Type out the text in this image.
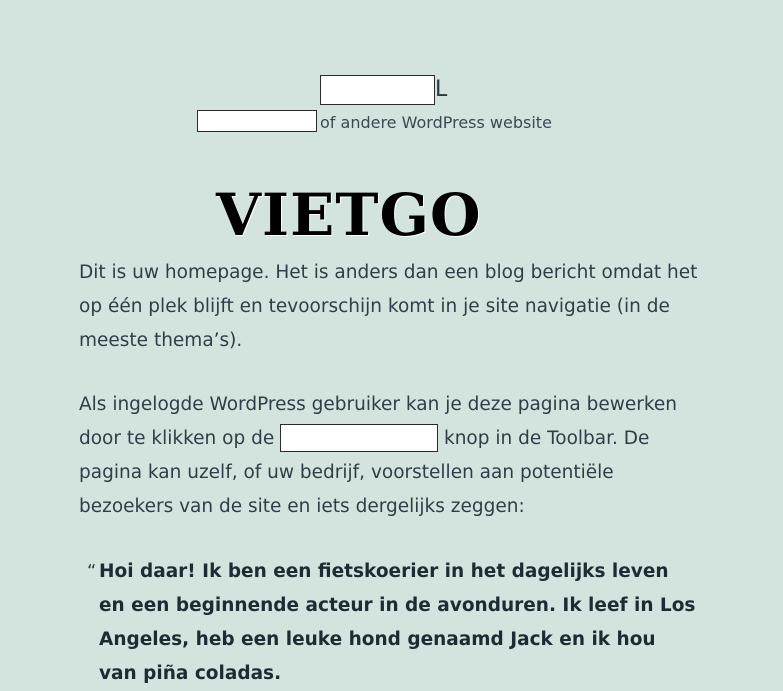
L
of andere WordPress website
VIETGO

Dit is uw homepage. Het is anders dan een blog bericht omdat het op één plek blijft en tevoorschijn komt in je site navigatie (in de meeste thema’s).

Als ingelogde WordPress gebruiker kan je deze pagina bewerken door te klikken op de	knop in de Toolbar. De pagina kan uzelf, of uw bedrijf, voorstellen aan potentiële bezoekers van de site en iets dergelijks zeggen:

“ Hoi daar! Ik ben een fietskoerier in het dagelijks leven en een beginnende acteur in de avonduren. Ik leef in Los Angeles, heb een leuke hond genaamd Jack en ik hou van piña coladas.
